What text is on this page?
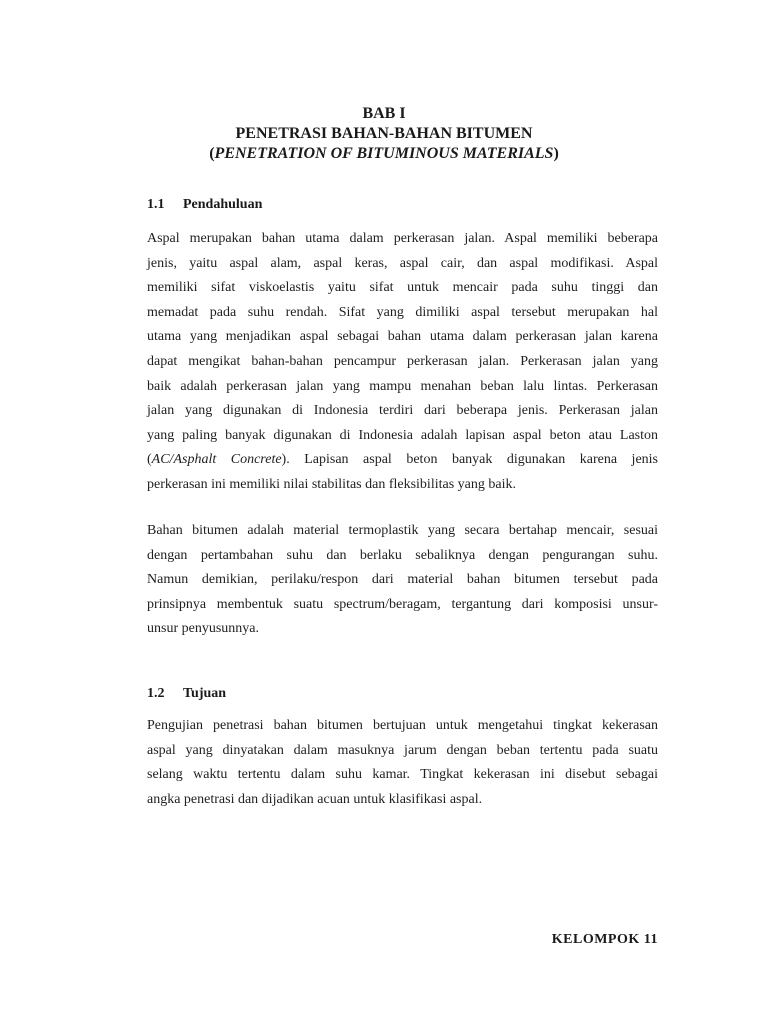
BAB I
PENETRASI BAHAN-BAHAN BITUMEN
(PENETRATION OF BITUMINOUS MATERIALS)
1.1 Pendahuluan
Aspal merupakan bahan utama dalam perkerasan jalan. Aspal memiliki beberapa
jenis, yaitu aspal alam, aspal keras, aspal cair, dan aspal modifikasi. Aspal
memiliki sifat viskoelastis yaitu sifat untuk mencair pada suhu tinggi dan
memadat pada suhu rendah. Sifat yang dimiliki aspal tersebut merupakan hal
utama yang menjadikan aspal sebagai bahan utama dalam perkerasan jalan karena
dapat mengikat bahan-bahan pencampur perkerasan jalan. Perkerasan jalan yang
baik adalah perkerasan jalan yang mampu menahan beban lalu lintas. Perkerasan
jalan yang digunakan di Indonesia terdiri dari beberapa jenis. Perkerasan jalan
yang paling banyak digunakan di Indonesia adalah lapisan aspal beton atau Laston
(AC/Asphalt Concrete). Lapisan aspal beton banyak digunakan karena jenis
perkerasan ini memiliki nilai stabilitas dan fleksibilitas yang baik.
Bahan bitumen adalah material termoplastik yang secara bertahap mencair, sesuai
dengan pertambahan suhu dan berlaku sebaliknya dengan pengurangan suhu.
Namun demikian, perilaku/respon dari material bahan bitumen tersebut pada
prinsipnya membentuk suatu spectrum/beragam, tergantung dari komposisi unsur-
unsur penyusunnya.
1.2 Tujuan
Pengujian penetrasi bahan bitumen bertujuan untuk mengetahui tingkat kekerasan
aspal yang dinyatakan dalam masuknya jarum dengan beban tertentu pada suatu
selang waktu tertentu dalam suhu kamar. Tingkat kekerasan ini disebut sebagai
angka penetrasi dan dijadikan acuan untuk klasifikasi aspal.
KELOMPOK 11
